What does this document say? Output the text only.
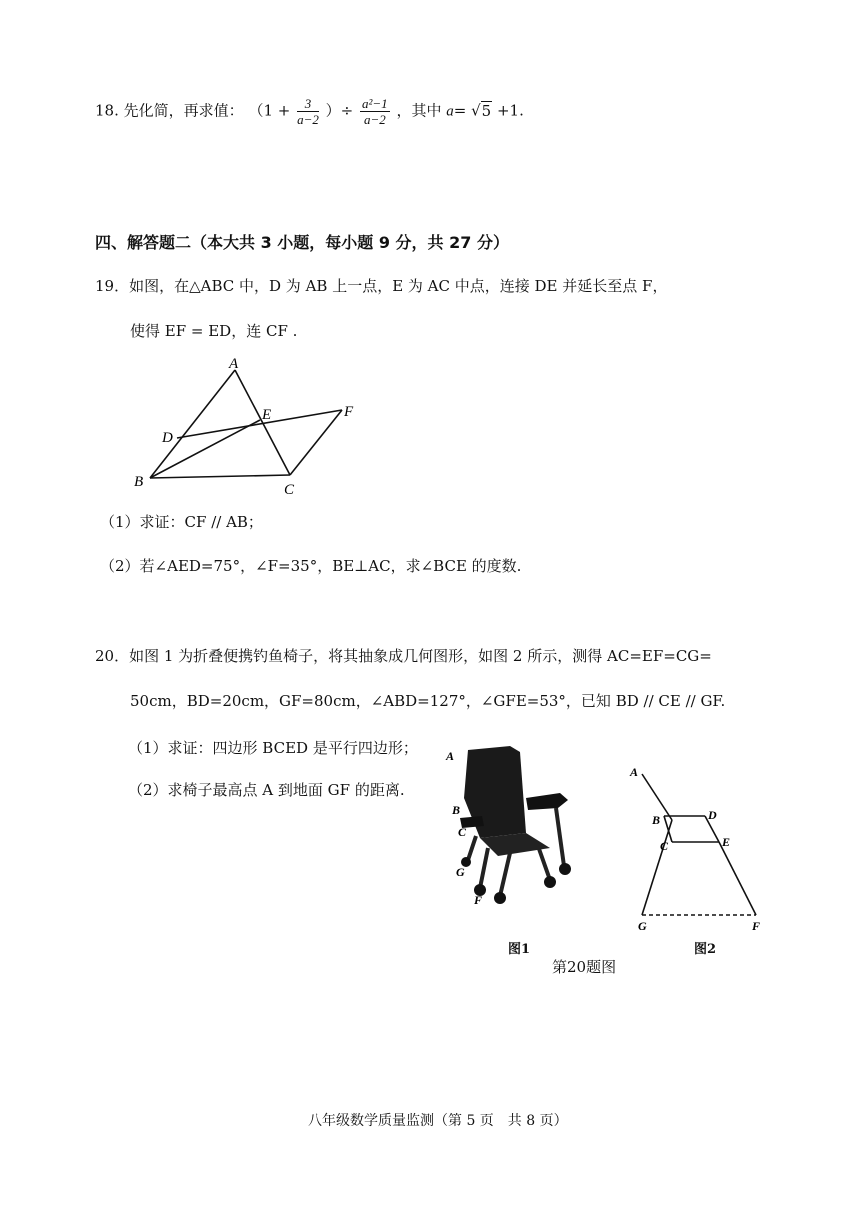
18. 先化简，再求值： （$1 + \frac{3}{a-2}$ ）÷ $\frac{\text{a²−1}}{a-2}$ ，其中 a= √5 +1.
四、解答题二（本大共 3 小题，每小题 9 分，共 27 分）
19．如图，在△ABC 中，D 为 AB 上一点，E 为 AC 中点，连接 DE 并延长至点 F，
使得 EF = ED，连 CF .
A
D
E	F
B	C
（1）求证：CF // AB；
（2）若∠AED=75°，∠F=35°，BE⊥AC，求∠BCE 的度数.
20．如图 1 为折叠便携钓鱼椅子，将其抽象成几何图形，如图 2 所示，测得 AC=EF=CG=
50cm，BD=20cm，GF=80cm，∠ABD=127°，∠GFE=53°，已知 BD // CE // GF.
（1）求证：四边形 BCED 是平行四边形；
（2）求椅子最高点 A 到地面 GF 的距离.
A
B
C
G
F
A
B	D
C	E
G	F
图1	图2
第20题图
八年级数学质量监测（第 5 页　共 8 页）
